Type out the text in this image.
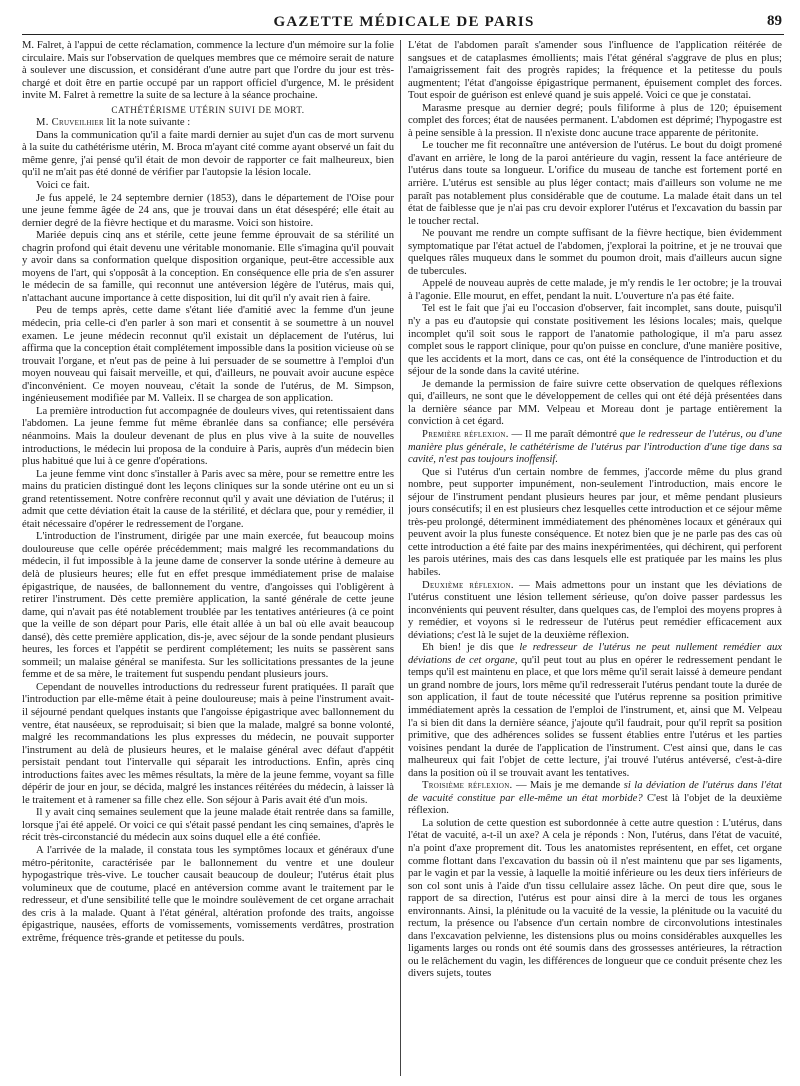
GAZETTE MÉDICALE DE PARIS	89

M. Falret, à l'appui de cette réclamation, commence la lecture d'un mémoire sur la folie circulaire. Mais sur l'observation de quelques membres que ce mémoire serait de nature à soulever une discussion, et considérant d'une autre part que l'ordre du jour est très-chargé et doit être en partie occupé par un rapport officiel d'urgence, M. le président invite M. Falret à remettre la suite de sa lecture à la séance prochaine.

CATHÉTÉRISME UTÉRIN SUIVI DE MORT.

M. Cruveilhier lit la note suivante :

Dans la communication qu'il a faite mardi dernier au sujet d'un cas de mort survenu à la suite du cathétérisme utérin, M. Broca m'ayant cité comme ayant observé un fait du même genre, j'ai pensé qu'il était de mon devoir de rapporter ce fait malheureux, bien qu'il ne m'ait pas été donné de vérifier par l'autopsie la lésion locale.

Voici ce fait.

Je fus appelé, le 24 septembre dernier (1853), dans le département de l'Oise pour une jeune femme âgée de 24 ans, que je trouvai dans un état désespéré; elle était au dernier degré de la fièvre hectique et du marasme. Voici son histoire.

Mariée depuis cinq ans et stérile, cette jeune femme éprouvait de sa stérilité un chagrin profond qui était devenu une véritable monomanie. Elle s'imagina qu'il pouvait y avoir dans sa conformation quelque disposition organique, peut-être accessible aux moyens de l'art, qui s'opposât à la conception. En conséquence elle pria de s'en assurer le médecin de sa famille, qui reconnut une antéversion légère de l'utérus, mais qui, n'attachant aucune importance à cette disposition, lui dit qu'il n'y avait rien à faire.

Peu de temps après, cette dame s'étant liée d'amitié avec la femme d'un jeune médecin, pria celle-ci d'en parler à son mari et consentit à se soumettre à un nouvel examen. Le jeune médecin reconnut qu'il existait un déplacement de l'utérus, lui affirma que la conception était complétement impossible dans la position vicieuse où se trouvait l'organe, et n'eut pas de peine à lui persuader de se soumettre à l'emploi d'un moyen nouveau qui faisait merveille, et qui, d'ailleurs, ne pouvait avoir aucune espèce d'inconvénient. Ce moyen nouveau, c'était la sonde de l'utérus, de M. Simpson, ingénieusement modifiée par M. Valleix. Il se chargea de son application.

La première introduction fut accompagnée de douleurs vives, qui retentissaient dans l'abdomen. La jeune femme fut même ébranlée dans sa confiance; elle persévéra néanmoins. Mais la douleur devenant de plus en plus vive à la suite de nouvelles introductions, le médecin lui proposa de la conduire à Paris, auprès d'un médecin bien plus habitué que lui à ce genre d'opérations.

La jeune femme vint donc s'installer à Paris avec sa mère, pour se remettre entre les mains du praticien distingué dont les leçons cliniques sur la sonde utérine ont eu un si grand retentissement. Notre confrère reconnut qu'il y avait une déviation de l'utérus; il admit que cette déviation était la cause de la stérilité, et déclara que, pour y remédier, il était nécessaire d'opérer le redressement de l'organe.

L'introduction de l'instrument, dirigée par une main exercée, fut beaucoup moins douloureuse que celle opérée précédemment; mais malgré les recommandations du médecin, il fut impossible à la jeune dame de conserver la sonde utérine à demeure au delà de plusieurs heures; elle fut en effet presque immédiatement prise de malaise épigastrique, de nausées, de ballonnement du ventre, d'angoisses qui l'obligèrent à retirer l'instrument. Dès cette première application, la santé générale de cette jeune dame, qui n'avait pas été notablement troublée par les tentatives antérieures (à ce point que la veille de son départ pour Paris, elle était allée à un bal où elle avait beaucoup dansé), dès cette première application, dis-je, avec séjour de la sonde pendant plusieurs heures, les forces et l'appétit se perdirent complétement; les nuits se passèrent sans sommeil; un malaise général se manifesta. Sur les sollicitations pressantes de la jeune femme et de sa mère, le traitement fut suspendu pendant plusieurs jours.

Cependant de nouvelles introductions du redresseur furent pratiquées. Il paraît que l'introduction par elle-même était à peine douloureuse; mais à peine l'instrument avait-il séjourné pendant quelques instants que l'angoisse épigastrique avec ballonnement du ventre, état nauséeux, se reproduisait; si bien que la malade, malgré sa bonne volonté, malgré les recommandations les plus expresses du médecin, ne pouvait supporter l'instrument au delà de plusieurs heures, et le malaise général avec défaut d'appétit persistait pendant tout l'intervalle qui séparait les introductions. Enfin, après cinq introductions faites avec les mêmes résultats, la mère de la jeune femme, voyant sa fille dépérir de jour en jour, se décida, malgré les instances réitérées du médecin, à laisser là le traitement et à ramener sa fille chez elle. Son séjour à Paris avait été d'un mois.

Il y avait cinq semaines seulement que la jeune malade était rentrée dans sa famille, lorsque j'ai été appelé. Or voici ce qui s'était passé pendant les cinq semaines, d'après le récit très-circonstancié du médecin aux soins duquel elle a été confiée.

A l'arrivée de la malade, il constata tous les symptômes locaux et généraux d'une métro-péritonite, caractérisée par le ballonnement du ventre et une douleur hypogastrique très-vive. Le toucher causait beaucoup de douleur; l'utérus était plus volumineux que de coutume, placé en antéversion comme avant le traitement par le redresseur, et d'une sensibilité telle que le moindre soulèvement de cet organe arrachait des cris à la malade. Quant à l'état général, altération profonde des traits, angoisse épigastrique, nausées, efforts de vomissements, vomissements verdâtres, prostration extrême, fréquence très-grande et petitesse du pouls.

L'état de l'abdomen paraît s'amender sous l'influence de l'application réitérée de sangsues et de cataplasmes émollients; mais l'état général s'aggrave de plus en plus; l'amaigrissement fait des progrès rapides; la fréquence et la petitesse du pouls augmentent; l'état d'angoisse épigastrique permanent, épuisement complet des forces. Tout espoir de guérison est enlevé quand je suis appelé. Voici ce que je constatai.

Marasme presque au dernier degré; pouls filiforme à plus de 120; épuisement complet des forces; état de nausées permanent. L'abdomen est déprimé; l'hypogastre est à peine sensible à la pression. Il n'existe donc aucune trace apparente de péritonite.

Le toucher me fit reconnaître une antéversion de l'utérus. Le bout du doigt promené d'avant en arrière, le long de la paroi antérieure du vagin, ressent la face antérieure de l'utérus dans toute sa longueur. L'orifice du museau de tanche est fortement porté en arrière. L'utérus est sensible au plus léger contact; mais d'ailleurs son volume ne me paraît pas notablement plus considérable que de coutume. La malade était dans un tel état de faiblesse que je n'ai pas cru devoir explorer l'utérus et l'excavation du bassin par le toucher rectal.

Ne pouvant me rendre un compte suffisant de la fièvre hectique, bien évidemment symptomatique par l'état actuel de l'abdomen, j'explorai la poitrine, et je ne trouvai que quelques râles muqueux dans le sommet du poumon droit, mais d'ailleurs aucun signe de tubercules.

Appelé de nouveau auprès de cette malade, je m'y rendis le 1er octobre; je la trouvai à l'agonie. Elle mourut, en effet, pendant la nuit. L'ouverture n'a pas été faite.

Tel est le fait que j'ai eu l'occasion d'observer, fait incomplet, sans doute, puisqu'il n'y a pas eu d'autopsie qui constate positivement les lésions locales; mais, quelque incomplet qu'il soit sous le rapport de l'anatomie pathologique, il m'a paru assez complet sous le rapport clinique, pour qu'on puisse en conclure, d'une manière positive, que les accidents et la mort, dans ce cas, ont été la conséquence de l'introduction et du séjour de la sonde dans la cavité utérine.

Je demande la permission de faire suivre cette observation de quelques réflexions qui, d'ailleurs, ne sont que le développement de celles qui ont été déjà présentées dans la dernière séance par MM. Velpeau et Moreau dont je partage entièrement la conviction à cet égard.

Première réflexion. — Il me paraît démontré que le redresseur de l'utérus, ou d'une manière plus générale, le cathétérisme de l'utérus par l'introduction d'une tige dans sa cavité, n'est pas toujours inoffensif.

Que si l'utérus d'un certain nombre de femmes, j'accorde même du plus grand nombre, peut supporter impunément, non-seulement l'introduction, mais encore le séjour de l'instrument pendant plusieurs heures par jour, et même pendant plusieurs jours consécutifs; il en est plusieurs chez lesquelles cette introduction et ce séjour même très-peu prolongé, déterminent immédiatement des phénomènes locaux et généraux qui peuvent avoir la plus funeste conséquence. Et notez bien que je ne parle pas des cas où cette introduction a été faite par des mains inexpérimentées, qui déchirent, qui perforent les parois utérines, mais des cas dans lesquels elle est pratiquée par les mains les plus habiles.

Deuxième réflexion. — Mais admettons pour un instant que les déviations de l'utérus constituent une lésion tellement sérieuse, qu'on doive passer pardessus les inconvénients qui peuvent résulter, dans quelques cas, de l'emploi des moyens propres à y remédier, et voyons si le redresseur de l'utérus peut remédier efficacement aux déviations; c'est là le sujet de la deuxième réflexion.

Eh bien! je dis que le redresseur de l'utérus ne peut nullement remédier aux déviations de cet organe, qu'il peut tout au plus en opérer le redressement pendant le temps qu'il est maintenu en place, et que lors même qu'il serait laissé à demeure pendant un grand nombre de jours, lors même qu'il redresserait l'utérus pendant toute la durée de son application, il faut de toute nécessité que l'utérus reprenne sa position primitive immédiatement après la cessation de l'emploi de l'instrument, et, ainsi que M. Velpeau l'a si bien dit dans la dernière séance, j'ajoute qu'il faudrait, pour qu'il reprît sa position primitive, que des adhérences solides se fussent établies entre l'utérus et les parties voisines pendant la durée de l'application de l'instrument. C'est ainsi que, dans le cas malheureux qui fait l'objet de cette lecture, j'ai trouvé l'utérus antéversé, c'est-à-dire dans la position où il se trouvait avant les tentatives.

Troisième réflexion. — Mais je me demande si la déviation de l'utérus dans l'état de vacuité constitue par elle-même un état morbide? C'est là l'objet de la deuxième réflexion.

La solution de cette question est subordonnée à cette autre question : L'utérus, dans l'état de vacuité, a-t-il un axe? A cela je réponds : Non, l'utérus, dans l'état de vacuité, n'a point d'axe proprement dit. Tous les anatomistes représentent, en effet, cet organe comme flottant dans l'excavation du bassin où il n'est maintenu que par ses ligaments, par le vagin et par la vessie, à laquelle la moitié inférieure ou les deux tiers inférieurs de son col sont unis à l'aide d'un tissu cellulaire assez lâche. On peut dire que, sous le rapport de sa direction, l'utérus est pour ainsi dire à la merci de tous les organes environnants. Ainsi, la plénitude ou la vacuité de la vessie, la plénitude ou la vacuité du rectum, la présence ou l'absence d'un certain nombre de circonvolutions intestinales dans l'excavation pelvienne, les distensions plus ou moins considérables auxquelles les ligaments larges ou ronds ont été soumis dans des grossesses antérieures, la rétraction ou le relâchement du vagin, les différences de longueur que ce conduit présente chez les divers sujets, toutes
